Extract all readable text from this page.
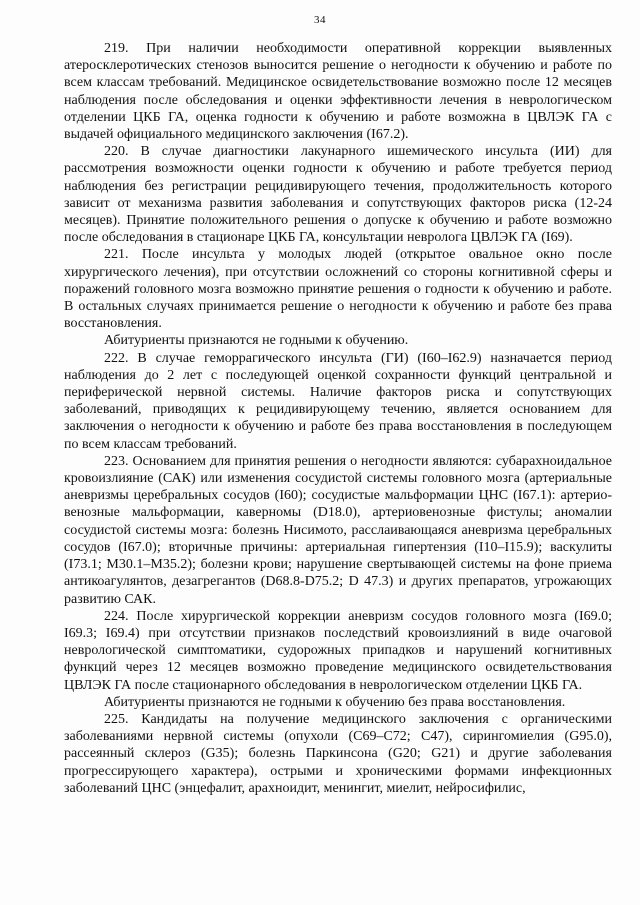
34

219. При наличии необходимости оперативной коррекции выявленных атеросклеротических стенозов выносится решение о негодности к обучению и работе по всем классам требований. Медицинское освидетельствование возможно после 12 месяцев наблюдения после обследования и оценки эффективности лечения в неврологическом отделении ЦКБ ГА, оценка годности к обучению и работе возможна в ЦВЛЭК ГА с выдачей официального медицинского заключения (I67.2).

220. В случае диагностики лакунарного ишемического инсульта (ИИ) для рассмотрения возможности оценки годности к обучению и работе требуется период наблюдения без регистрации рецидивирующего течения, продолжительность которого зависит от механизма развития заболевания и сопутствующих факторов риска (12-24 месяцев). Принятие положительного решения о допуске к обучению и работе возможно после обследования в стационаре ЦКБ ГА, консультации невролога ЦВЛЭК ГА (I69).

221. После инсульта у молодых людей (открытое овальное окно после хирургического лечения), при отсутствии осложнений со стороны когнитивной сферы и поражений головного мозга возможно принятие решения о годности к обучению и работе. В остальных случаях принимается решение о негодности к обучению и работе без права восстановления.

Абитуриенты признаются не годными к обучению.

222. В случае геморрагического инсульта (ГИ) (I60–I62.9) назначается период наблюдения до 2 лет с последующей оценкой сохранности функций центральной и периферической нервной системы. Наличие факторов риска и сопутствующих заболеваний, приводящих к рецидивирующему течению, является основанием для заключения о негодности к обучению и работе без права восстановления в последующем по всем классам требований.

223. Основанием для принятия решения о негодности являются: субарахноидальное кровоизлияние (САК) или изменения сосудистой системы головного мозга (артериальные аневризмы церебральных сосудов (I60); сосудистые мальформации ЦНС (I67.1): артерио-венозные мальформации, каверномы (D18.0), артериовенозные фистулы; аномалии сосудистой системы мозга: болезнь Нисимото, расслаивающаяся аневризма церебральных сосудов (I67.0); вторичные причины: артериальная гипертензия (I10–I15.9); васкулиты (I73.1; M30.1–M35.2); болезни крови; нарушение свертывающей системы на фоне приема антикоагулянтов, дезагрегантов (D68.8-D75.2; D 47.3) и других препаратов, угрожающих развитию САК.

224. После хирургической коррекции аневризм сосудов головного мозга (I69.0; I69.3; I69.4) при отсутствии признаков последствий кровоизлияний в виде очаговой неврологической симптоматики, судорожных припадков и нарушений когнитивных функций через 12 месяцев возможно проведение медицинского освидетельствования ЦВЛЭК ГА после стационарного обследования в неврологическом отделении ЦКБ ГА.

Абитуриенты признаются не годными к обучению без права восстановления.

225. Кандидаты на получение медицинского заключения с органическими заболеваниями нервной системы (опухоли (C69–C72; C47), сирингомиелия (G95.0), рассеянный склероз (G35); болезнь Паркинсона (G20; G21) и другие заболевания прогрессирующего характера), острыми и хроническими формами инфекционных заболеваний ЦНС (энцефалит, арахноидит, менингит, миелит, нейросифилис,
